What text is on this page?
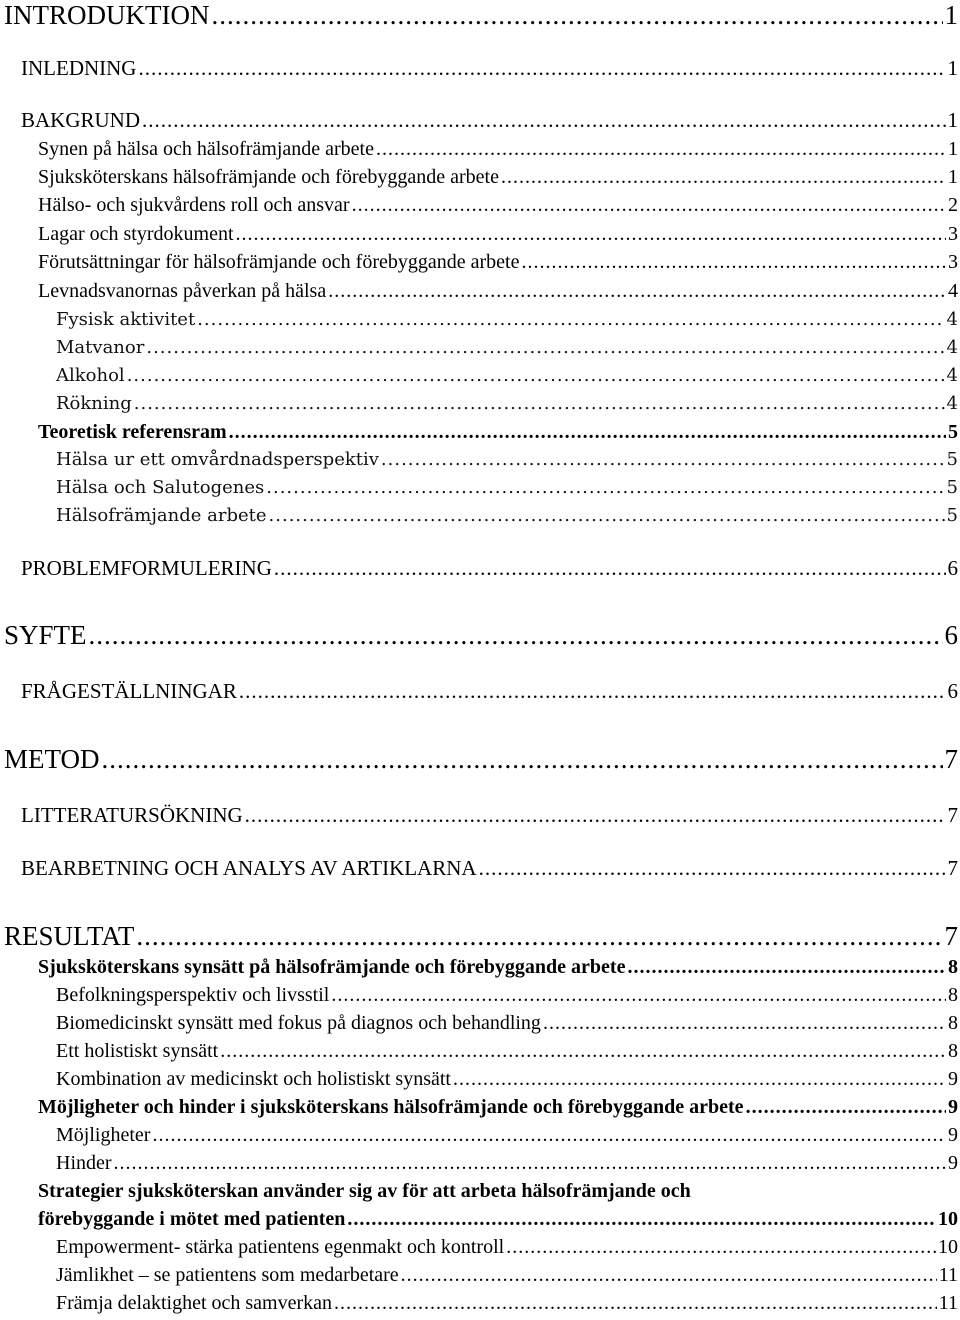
INTRODUKTION .....	1
INLEDNING .....	1
BAKGRUND .....	1
Synen på hälsa och hälsofrämjande arbete .....	1
Sjuksköterskans hälsofrämjande och förebyggande arbete .....	1
Hälso- och sjukvårdens roll och ansvar .....	2
Lagar och styrdokument .....	3
Förutsättningar för hälsofrämjande och förebyggande arbete .....	3
Levnadsvanornas påverkan på hälsa .....	4
Fysisk aktivitet .....	4
Matvanor .....	4
Alkohol .....	4
Rökning .....	4
Teoretisk referensram .....	5
Hälsa ur ett omvårdnadsperspektiv .....	5
Hälsa och Salutogenes .....	5
Hälsofrämjande arbete .....	5
PROBLEMFORMULERING .....	6
SYFTE .....	6
FRÅGESTÄLLNINGAR .....	6
METOD .....	7
LITTERATURSÖKNING .....	7
BEARBETNING OCH ANALYS AV ARTIKLARNA .....	7
RESULTAT .....	7
Sjuksköterskans synsätt på hälsofrämjande och förebyggande arbete .....	8
Befolkningsperspektiv och livsstil .....	8
Biomedicinskt synsätt med fokus på diagnos och behandling .....	8
Ett holistiskt synsätt .....	8
Kombination av medicinskt och holistiskt synsätt .....	9
Möjligheter och hinder i sjuksköterskans hälsofrämjande och förebyggande arbete .....	9
Möjligheter .....	9
Hinder .....	9
Strategier sjuksköterskan använder sig av för att arbeta hälsofrämjande och
förebyggande i mötet med patienten .....	10
Empowerment- stärka patientens egenmakt och kontroll .....	10
Jämlikhet – se patientens som medarbetare .....	11
Främja delaktighet och samverkan .....	11
